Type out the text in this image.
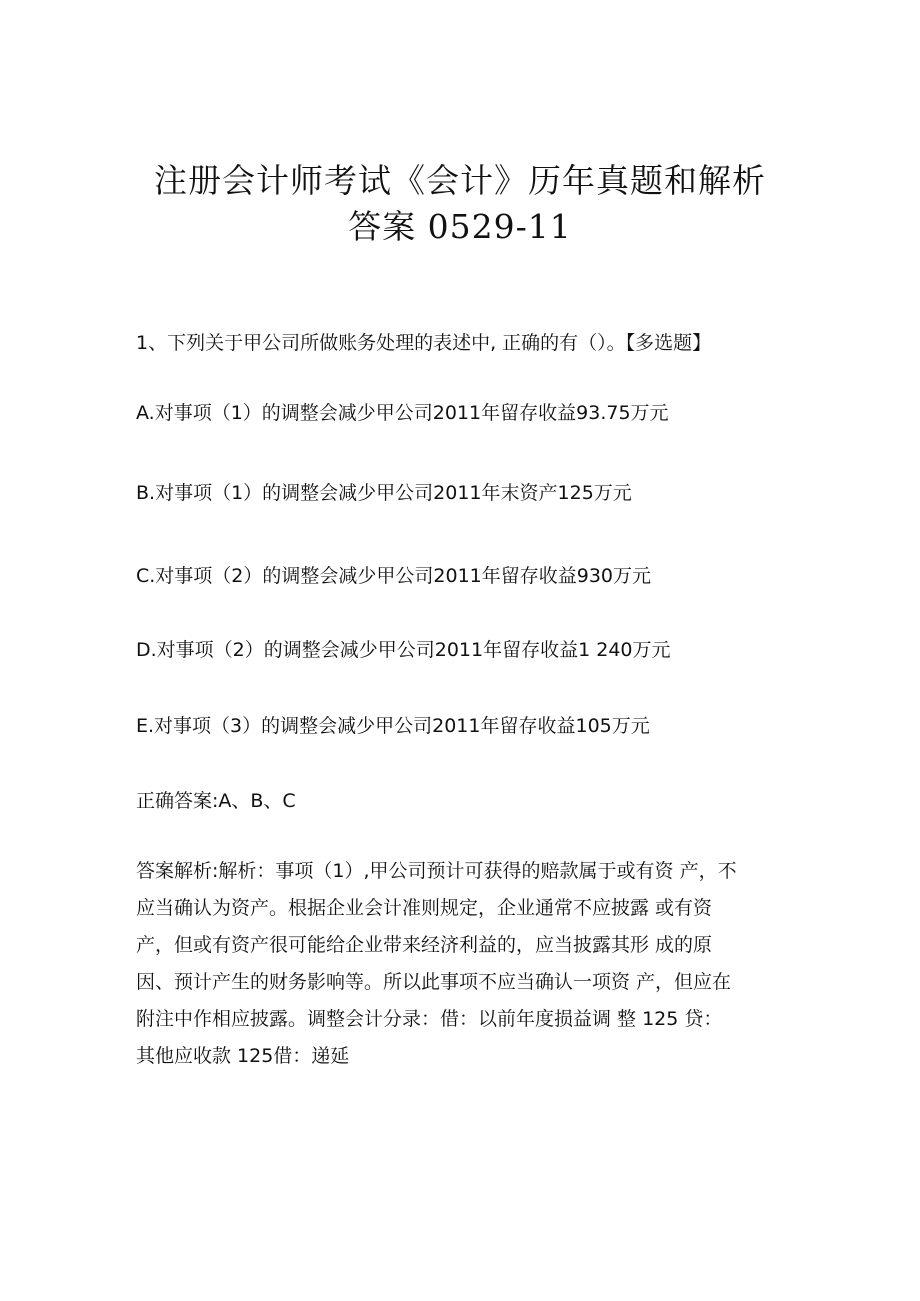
注册会计师考试《会计》历年真题和解析
答案 0529-11
1、下列关于甲公司所做账务处理的表述中, 正确的有（）。【多选题】
A.对事项（1）的调整会减少甲公司2011年留存收益93.75万元
B.对事项（1）的调整会减少甲公司2011年末资产125万元
C.对事项（2）的调整会减少甲公司2011年留存收益930万元
D.对事项（2）的调整会减少甲公司2011年留存收益1 240万元
E.对事项（3）的调整会减少甲公司2011年留存收益105万元
正确答案:A、B、C
答案解析:解析：事项（1）,甲公司预计可获得的赔款属于或有资 产，不
应当确认为资产。根据企业会计准则规定，企业通常不应披露 或有资
产，但或有资产很可能给企业带来经济利益的，应当披露其形 成的原
因、预计产生的财务影响等。所以此事项不应当确认一项资 产，但应在
附注中作相应披露。调整会计分录：借：以前年度损益调 整 125 贷：
其他应收款 125借：递延
